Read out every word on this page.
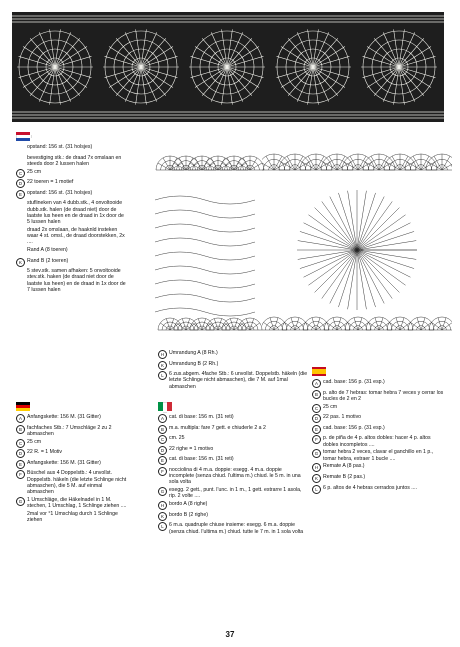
opstand: 156 st. (31 holsjes)
bevestiging stk.: de draad 7x omslaan en steeds door 2 lussen halen
C 25 cm
D 22 toeren = 1 motief
E opstand: 156 st. (31 holsjes)
stuflineken van 4 dubb.stk., 4 onvoltooide dubb.stk. halen (de draad niet) door de laatste lus heen en de draad in 1x door de 5 lussen halen
draad 2x omslaan, de haaknld insteken waar 4 st. omsl., de draad doorstekken, 2x ....
Rand A (8 toeren)
K Rand B (2 toeren)
5 stev.stk. samen afhaken: 5 onvoltooide stev.stk. haken (de draad niet door de laatste lus heen) en de draad in 1x door de 7 lussen halen
A Anfangskette: 156 M. (31 Gitter)
B fachfaches Stb.: 7 Umschläge 2 zu 2 abmaschen
C 25 cm
D 22 R. = 1 Motiv
E Anfangskette: 156 M. (31 Gitter)
F Büschel aus 4 Doppelstb.: 4 unvollst. Doppelstb. häkeln (die letzte Schlinge nicht abmaschen), die 5 M. auf einmal abmaschen
G 1 Umschläge, die Häkelnadel in 1 M. stechen, 1 Umschlag, 1 Schlinge ziehen ....
2mal vor °1 Umschlag durch 1 Schlinge ziehen
H Umrandung A (8 Rh.)
K Umrandung B (2 Rh.)
L	6 zus.abgem. 4fache Stb.: 6 unvollst. Doppelstb. häkeln (die letzte Schlinge nicht abmaschen), die 7 M. auf 1mal abmaschen
A cat. di base: 156 m. (31 reti)
B m.a. multipla: fare 7 gett. e chiuderle 2 a 2
C cm. 25
D 22 righe = 1 motivo
E cat. di base: 156 m. (31 reti)
F nocciolina di 4 m.a. doppie: esegg. 4 m.a. doppie incomplete (senza chiud. l'ultima m.) chiud. le 5 m. in una sola volta
G esegg. 2 gett., punt. l'unc. in 1 m., 1 gett. estrarre 1 asola, rip. 2 volte ....
H bordo A (8 righe)
K bordo B (2 righe)
L	6 m.a. quadruple chiuse insieme: esegg. 6 m.a. doppie (senza chiud. l'ultima m.) chiud. tutte le 7 m. in 1 sola volta
A cad. base: 156 p. (31 esp.)
B p. alto de 7 hebras: tomar hebra 7 veces y cerrar los bucles de 2 en 2
C 25 cm
D 22 pas. 1 motivo
E cad. base: 156 p. (31 esp.)
F p. de piña de 4 p. altos dobles: hacer 4 p. altos dobles incompletos ....
G tomar hebra 2 veces, clavar el ganchillo en 1 p., tomar hebra, extraer 1 bucle ....
H Remate A (8 pas.)
K Remate B (2 pas.)
L	6 p. altos de 4 hebras cerrados juntos ....
37
